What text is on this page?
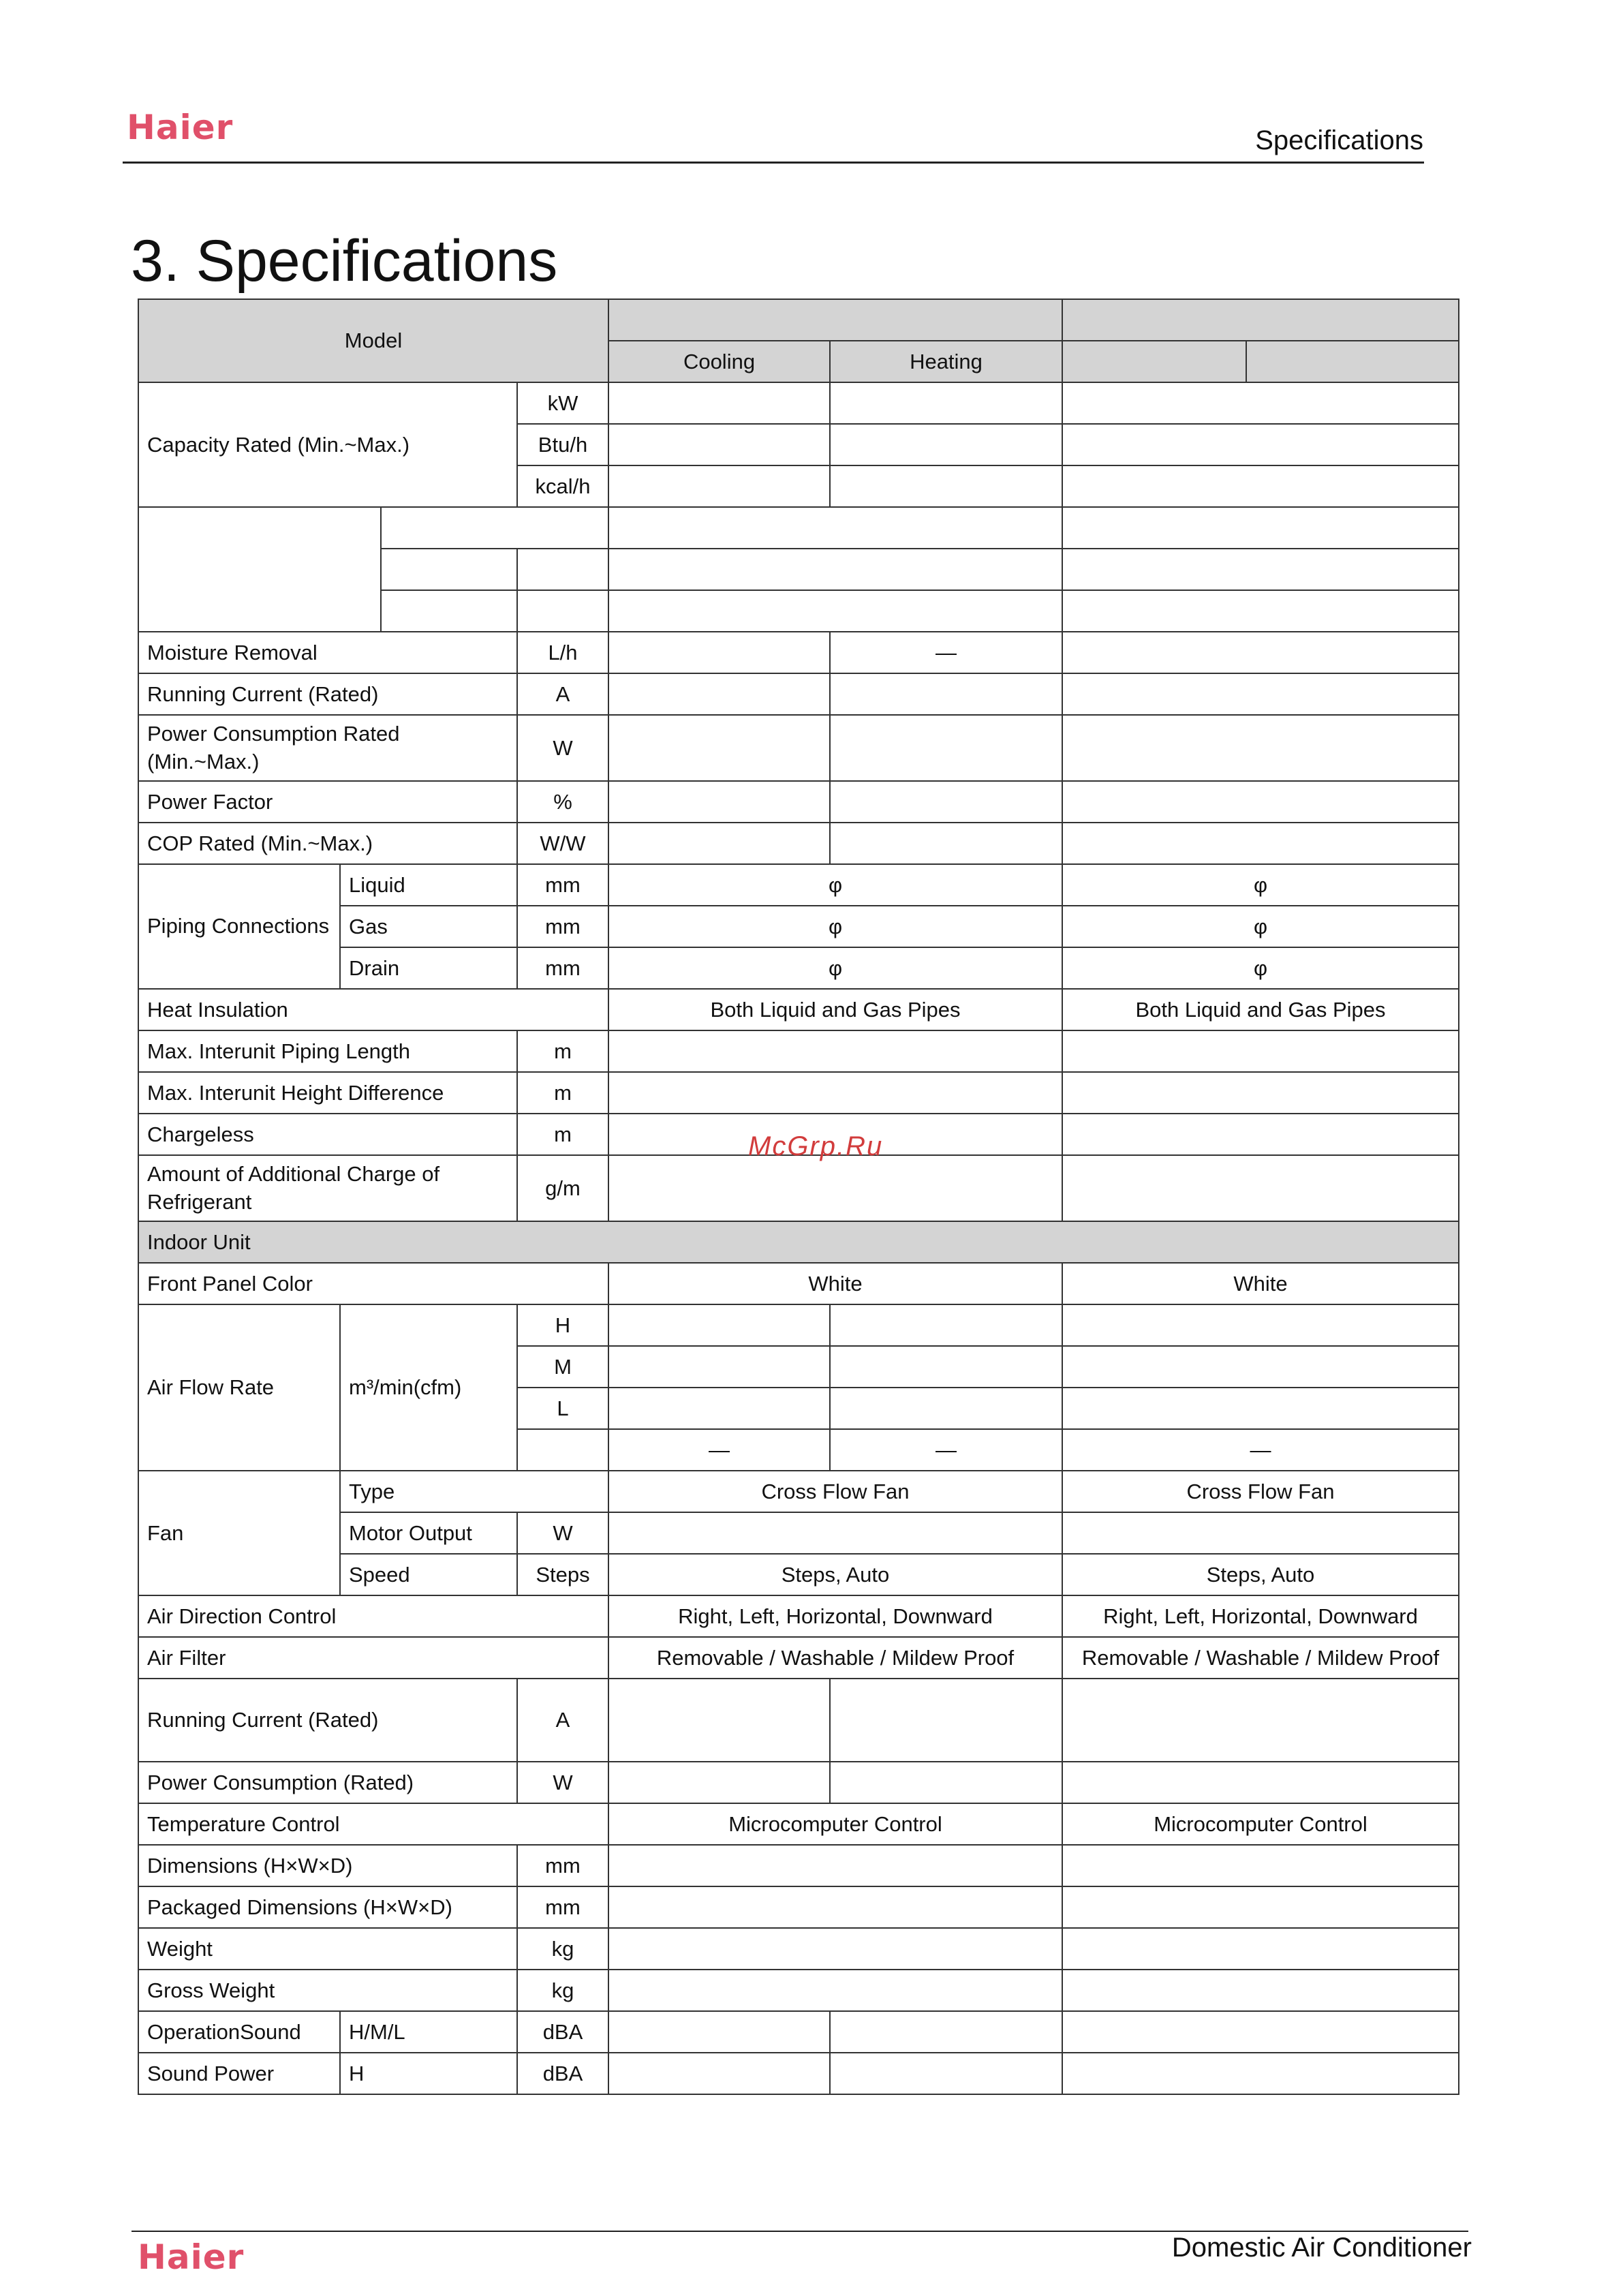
Haier	Specifications
3. Specifications
Model							
				Cooling	Heating		
Capacity Rated (Min.~Max.)			kW				
			Btu/h				
			kcal/h				

Moisture Removal			L/h		—		
Running Current (Rated)			A				
Power Consumption Rated (Min.~Max.)			W				
Power Factor			%				
COP Rated (Min.~Max.)			W/W				
Piping Connections	Liquid		mm	φ		φ	
	Gas		mm	φ		φ	
	Drain		mm	φ		φ	
Heat Insulation				Both Liquid and Gas Pipes		Both Liquid and Gas Pipes	
Max. Interunit Piping Length			m				
Max. Interunit Height Difference			m				
Chargeless			m				
Amount of Additional Charge of Refrigerant			g/m				
Indoor Unit							
Front Panel Color				White		White	
Air Flow Rate	m³/min(cfm)		H				
			M				
			L				
				—	—	—	
Fan	Type			Cross Flow Fan		Cross Flow Fan	
	Motor Output		W				
	Speed		Steps	Steps, Auto		Steps, Auto	
Air Direction Control				Right, Left, Horizontal, Downward		Right, Left, Horizontal, Downward	
Air Filter				Removable / Washable / Mildew Proof		Removable / Washable / Mildew Proof	
Running Current (Rated)			A				
Power Consumption (Rated)			W				
Temperature Control				Microcomputer Control		Microcomputer Control	
Dimensions (H×W×D)			mm				
Packaged Dimensions (H×W×D)			mm				
Weight			kg				
Gross Weight			kg				
OperationSound	H/M/L		dBA				
Sound Power	H		dBA				
McGrp.Ru
Haier	Domestic Air Conditioner
